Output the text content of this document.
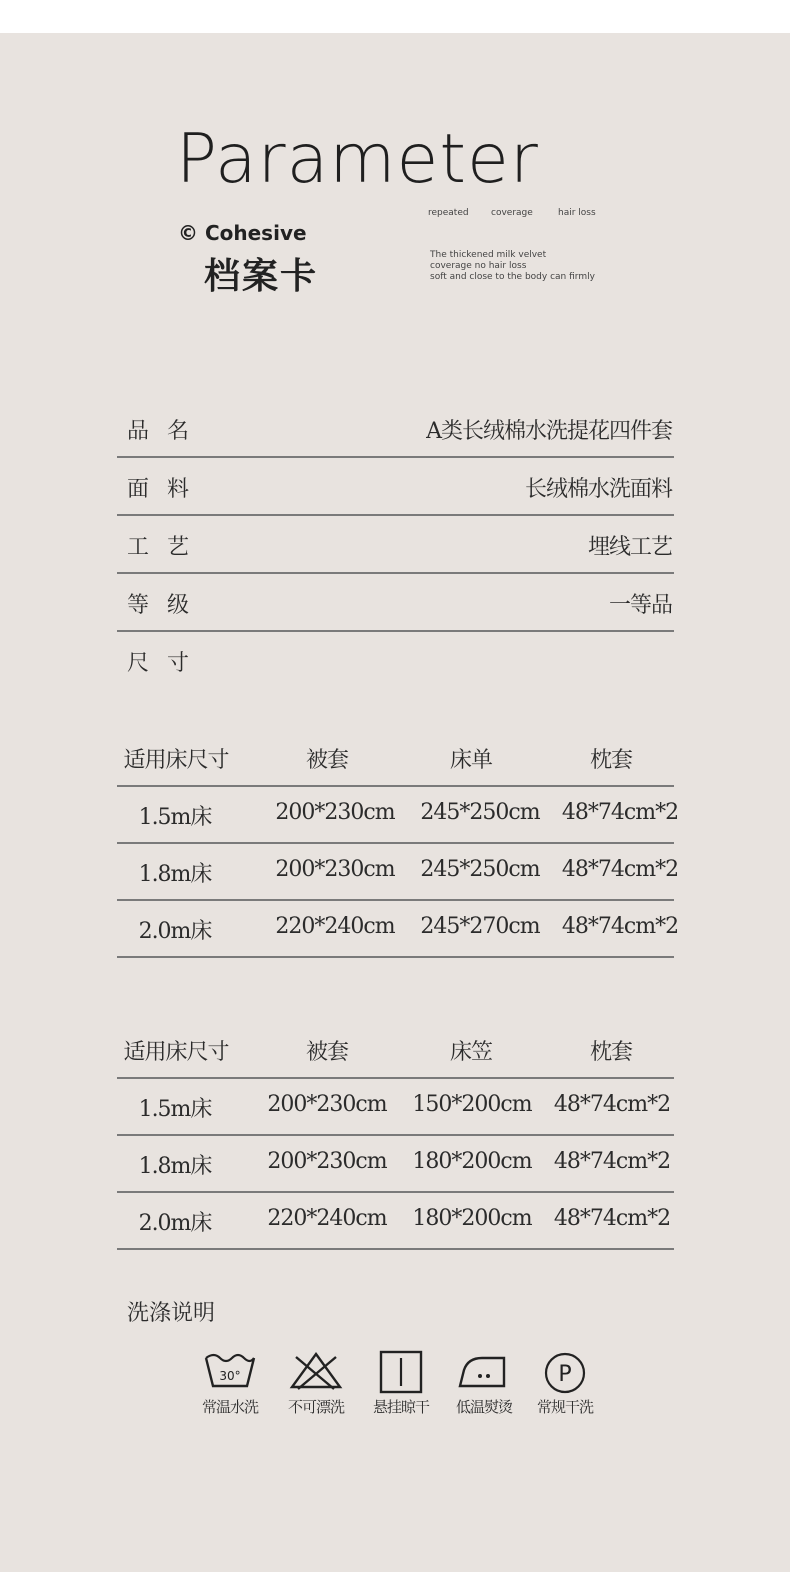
Parameter
repeated coverage	hair loss
© Cohesive
档案卡
The thickened milk velvet
coverage no hair loss
soft and close to the body can firmly
品名	A类长绒棉水洗提花四件套
面料	长绒棉水洗面料
工艺	埋线工艺
等级	一等品
尺寸
适用床尺寸	被套	床单	枕套
1.5m床	200*230cm 245*250cm 48*74cm*2
1.8m床	200*230cm 245*250cm 48*74cm*2
2.0m床	220*240cm 245*270cm 48*74cm*2
适用床尺寸	被套	床笠	枕套
1.5m床	200*230cm 150*200cm 48*74cm*2
1.8m床	200*230cm 180*200cm 48*74cm*2
2.0m床	220*240cm 180*200cm 48*74cm*2
洗涤说明
30°
常温水洗 不可漂洗 悬挂晾干 低温熨烫
P
常规干洗
